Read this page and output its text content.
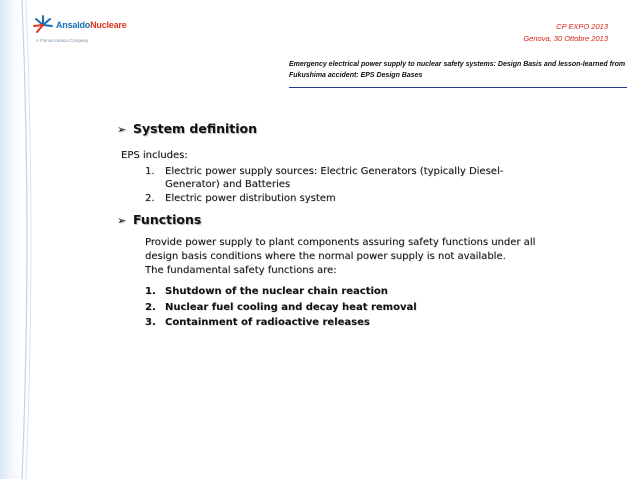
AnsaldoNucleare
A Finmeccanica Company
CP EXPO 2013
Genova, 30 Ottobre 2013
Emergency electrical power supply to nuclear safety systems: Design Basis and lesson-learned from Fukushima accident: EPS Design Bases
➢ System definition
EPS includes:
1. Electric power supply sources: Electric Generators (typically Diesel-
Generator) and Batteries
2. Electric power distribution system
➢ Functions
Provide power supply to plant components assuring safety functions under all
design basis conditions where the normal power supply is not available.
The fundamental safety functions are:
1. Shutdown of the nuclear chain reaction
2. Nuclear fuel cooling and decay heat removal
3. Containment of radioactive releases
